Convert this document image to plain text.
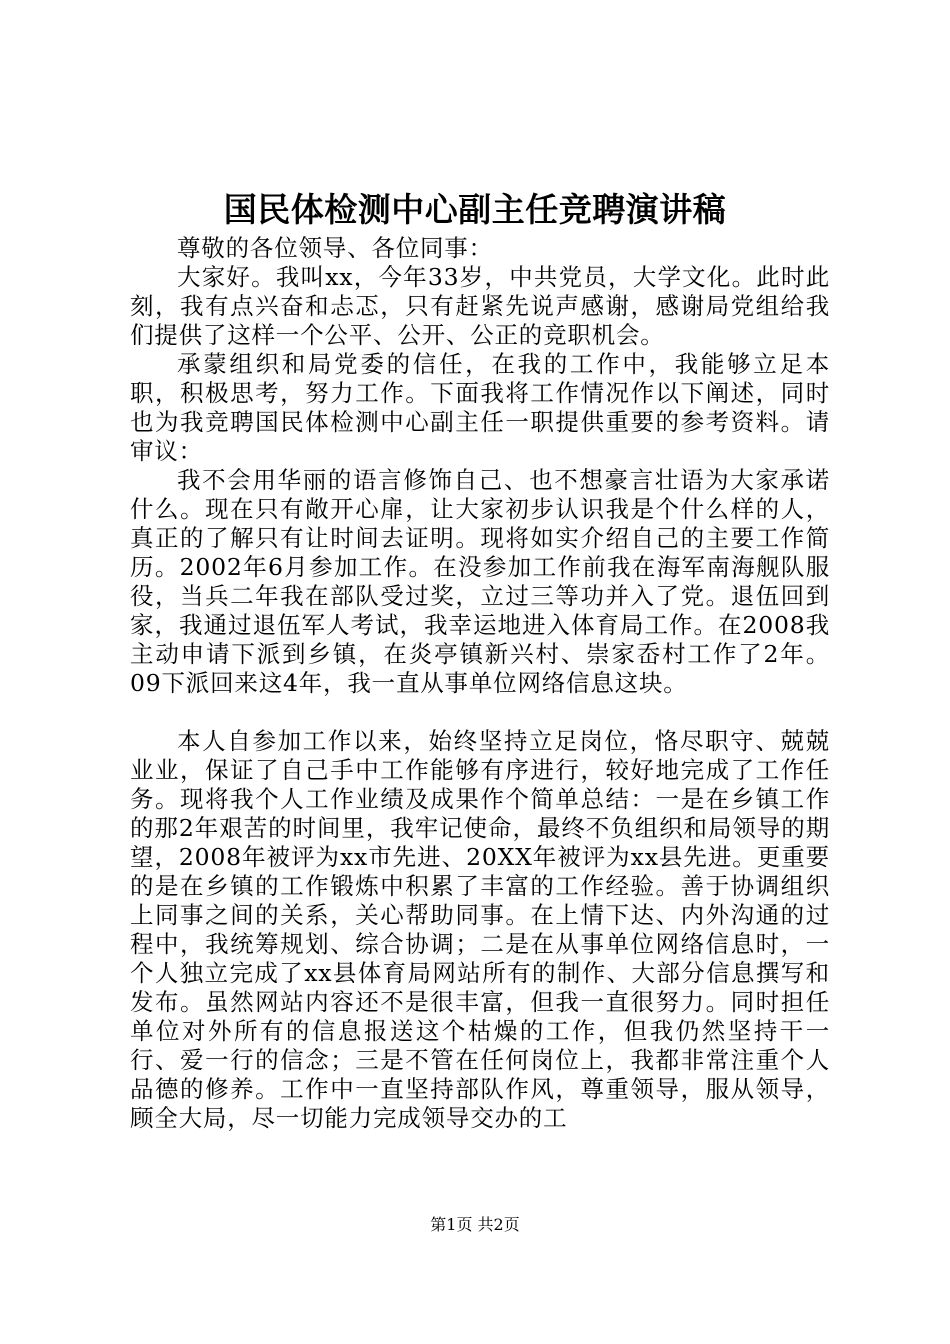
国民体检测中心副主任竞聘演讲稿

尊敬的各位领导、各位同事：

大家好。我叫xx，今年33岁，中共党员，大学文化。此时此刻，我有点兴奋和忐忑，只有赶紧先说声感谢，感谢局党组给我们提供了这样一个公平、公开、公正的竞职机会。

承蒙组织和局党委的信任，在我的工作中，我能够立足本职，积极思考，努力工作。下面我将工作情况作以下阐述，同时也为我竞聘国民体检测中心副主任一职提供重要的参考资料。请审议：

我不会用华丽的语言修饰自己、也不想豪言壮语为大家承诺什么。现在只有敞开心扉，让大家初步认识我是个什么样的人，真正的了解只有让时间去证明。现将如实介绍自己的主要工作简历。2002年6月参加工作。在没参加工作前我在海军南海舰队服役，当兵二年我在部队受过奖，立过三等功并入了党。退伍回到家，我通过退伍军人考试，我幸运地进入体育局工作。在2008我主动申请下派到乡镇，在炎亭镇新兴村、崇家岙村工作了2年。09下派回来这4年，我一直从事单位网络信息这块。

本人自参加工作以来，始终坚持立足岗位，恪尽职守、兢兢业业，保证了自己手中工作能够有序进行，较好地完成了工作任务。现将我个人工作业绩及成果作个简单总结：一是在乡镇工作的那2年艰苦的时间里，我牢记使命，最终不负组织和局领导的期望，2008年被评为xx市先进、20XX年被评为xx县先进。更重要的是在乡镇的工作锻炼中积累了丰富的工作经验。善于协调组织上同事之间的关系，关心帮助同事。在上情下达、内外沟通的过程中，我统筹规划、综合协调；二是在从事单位网络信息时，一个人独立完成了xx县体育局网站所有的制作、大部分信息撰写和发布。虽然网站内容还不是很丰富，但我一直很努力。同时担任单位对外所有的信息报送这个枯燥的工作，但我仍然坚持干一行、爱一行的信念；三是不管在任何岗位上，我都非常注重个人品德的修养。工作中一直坚持部队作风，尊重领导，服从领导，顾全大局，尽一切能力完成领导交办的工

第1页 共2页
